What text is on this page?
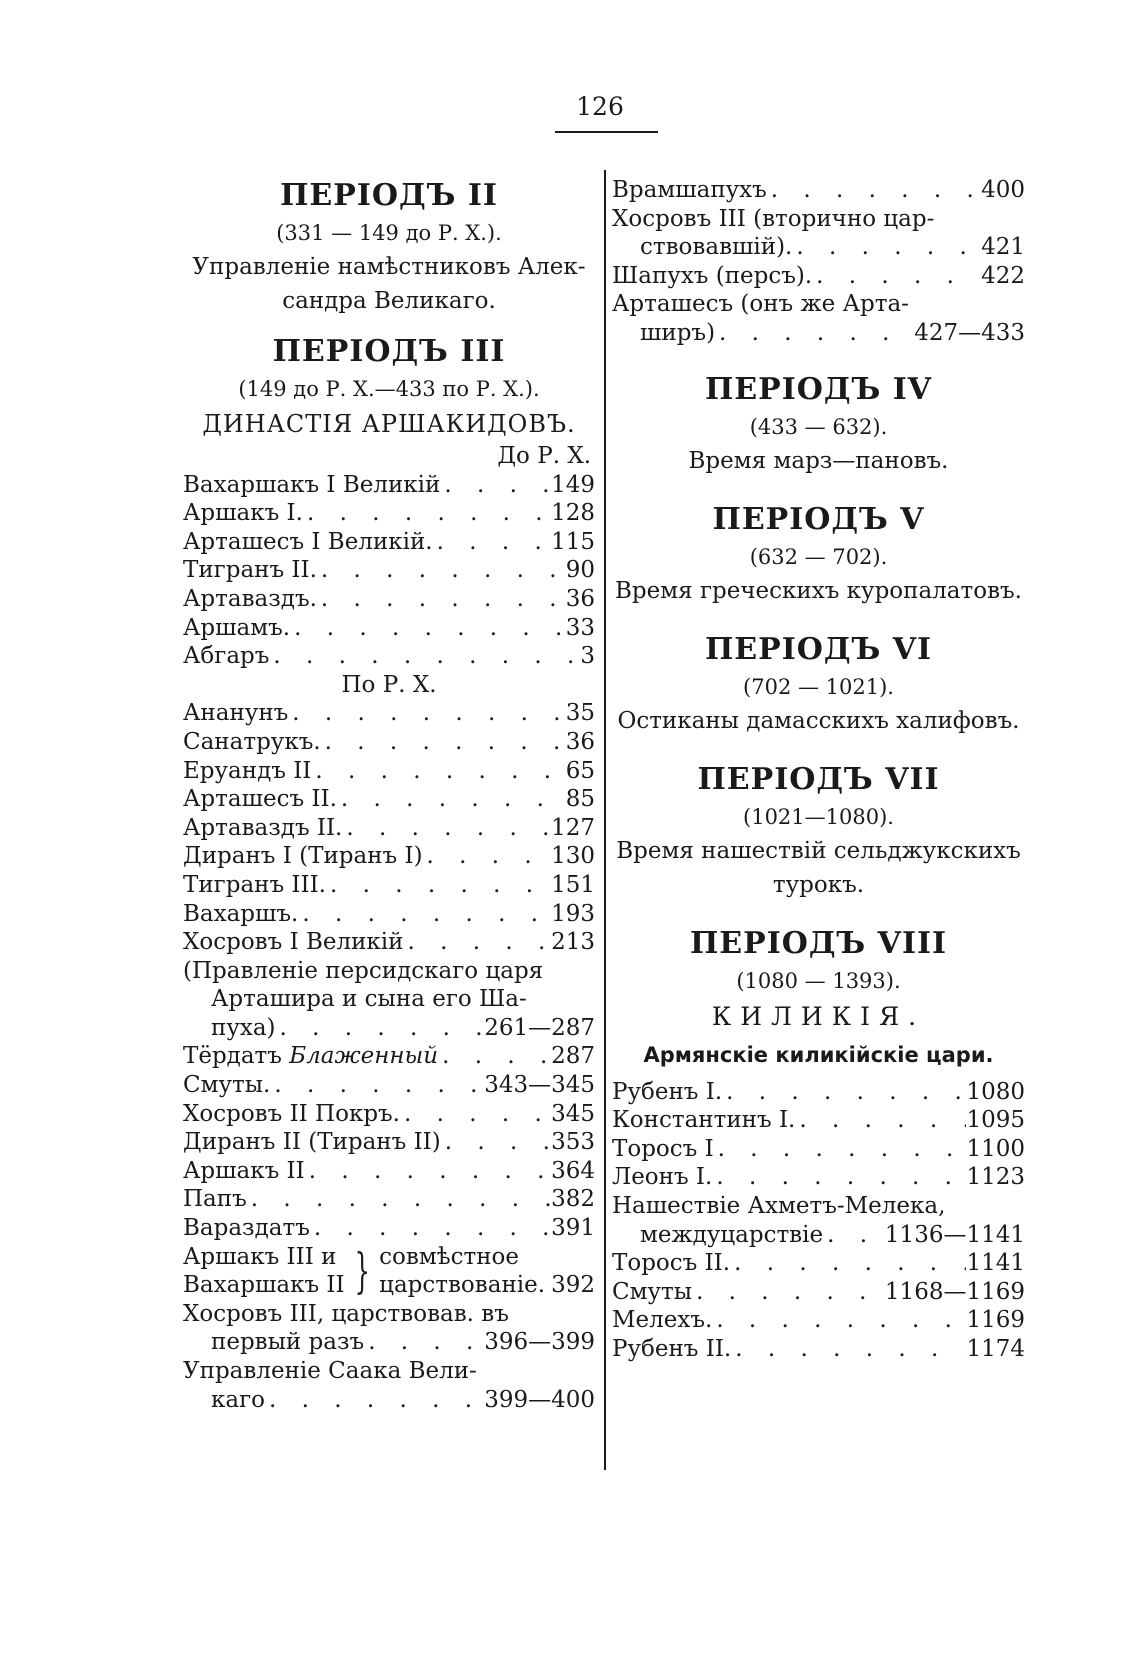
126
ПЕРІОДЪ II
(331 — 149 до Р. Х.).
Управленіе намѣстниковъ Алек-
сандра Великаго.
ПЕРІОДЪ III
(149 до Р. Х.—433 по Р. Х.).
ДИНАСТІЯ АРШАКИДОВЪ.
До Р. Х.
Вахаршакъ I Великій . . .	149
Аршакъ I. . . .	128
Арташесъ I Великій. . . .	115
Тигранъ II. . . .	90
Артаваздъ. . . .	36
Аршамъ. . . .	33
Абгаръ . . .	3
По Р. Х.
Ананунъ . . .	35
Санатрукъ. . . .	36
Еруандъ II . . .	65
Арташесъ II. . . .	85
Артаваздъ II. . . .	127
Диранъ I (Тиранъ I) . . .	130
Тигранъ III. . . .	151
Вахаршъ. . . .	193
Хосровъ I Великій . . .	213
(Правленіе персидскаго царя
Арташира и сына его Ша-
пуха) . . .	261—287
Тёрдатъ Блаженный . . .	287
Смуты. . . .	343—345
Хосровъ II Покръ. . . .	345
Диранъ II (Тиранъ II) . . .	353
Аршакъ II . . .	364
Папъ . . .	382
Вараздатъ . . .	391
Аршакъ III и
Вахаршакъ II } совмѣстное
царствованіе. 392
Хосровъ III, царствовав. въ
первый разъ . . .	396—399
Управленіе Саака Вели-
каго . . .	399—400
Врамшапухъ . . .	400
Хосровъ III (вторично цар-
ствовавшій). . . .	421
Шапухъ (персъ). . . .	422
Арташесъ (онъ же Арта-
ширъ) . . .	427—433
ПЕРІОДЪ IV
(433 — 632).
Время марз—пановъ.
ПЕРІОДЪ V
(632 — 702).
Время греческихъ куропалатовъ.
ПЕРІОДЪ VI
(702 — 1021).
Остиканы дамасскихъ халифовъ.
ПЕРІОДЪ VII
(1021—1080).
Время нашествій сельджукскихъ
турокъ.
ПЕРІОДЪ VIII
(1080 — 1393).
КИЛИКІЯ.
Армянскіе киликійскіе цари.
Рубенъ I. . . .	1080
Константинъ I. . . .	1095
Торосъ I . . .	1100
Леонъ I. . . .	1123
Нашествіе Ахметъ-Мелека,
междуцарствіе . . .	1136—1141
Торосъ II. . . .	1141
Смуты . . .	1168—1169
Мелехъ. . . .	1169
Рубенъ II. . . .	1174
